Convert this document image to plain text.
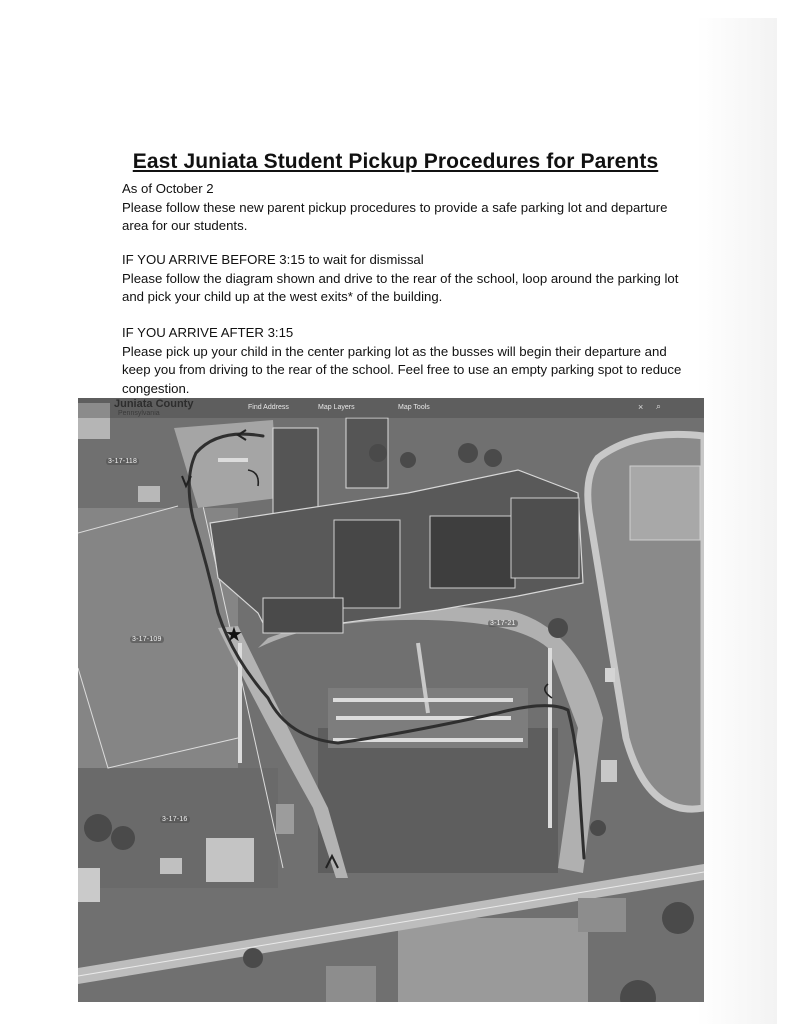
East Juniata Student Pickup Procedures for Parents

As of October 2

Please follow these new parent pickup procedures to provide a safe parking lot and departure area for our students.

IF YOU ARRIVE BEFORE 3:15 to wait for dismissal

Please follow the diagram shown and drive to the rear of the school, loop around the parking lot and pick your child up at the west exits* of the building.

IF YOU ARRIVE AFTER 3:15

Please pick up your child in the center parking lot as the busses will begin their departure and keep you from driving to the rear of the school. Feel free to use an empty parking spot to reduce congestion.

★
Juniata County
Pennsylvania
Find Address	Map Layers	Map Tools	× ⌕
3-17-118
3-17-109
3-17-21
3-17-16
